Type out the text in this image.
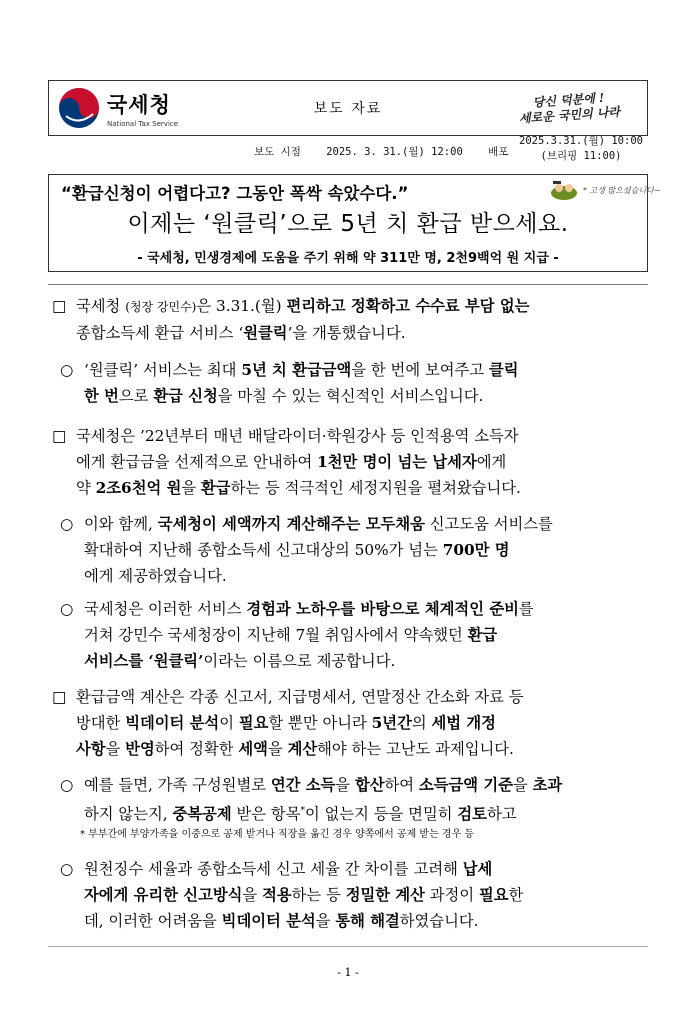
국세청
National Tax Service
보도 자료	당신 덕분에 !
세로운 국민의 나라
보도 시점 2025. 3. 31.(월) 12:00 배포
2025.3.31.(월) 10:00
(브리핑 11:00)
“환급신청이 어렵다고? 그동안 폭싹 속았수다.”	* 고생 많으셨습니다~
이제는 ‘원클릭’으로 5년 치 환급 받으세요.
- 국세청, 민생경제에 도움을 주기 위해 약 311만 명, 2천9백억 원 지급 -
□ 국세청 (청장 강민수)은 3.31.(월) 편리하고 정확하고 수수료 부담 없는
종합소득세 환급 서비스 ‘원클릭’을 개통했습니다.
○ ‘원클릭’ 서비스는 최대 5년 치 환급금액을 한 번에 보여주고 클릭
한 번으로 환급 신청을 마칠 수 있는 혁신적인 서비스입니다.
□ 국세청은 ’22년부터 매년 배달라이더·학원강사 등 인적용역 소득자
에게 환급금을 선제적으로 안내하여 1천만 명이 넘는 납세자에게
약 2조6천억 원을 환급하는 등 적극적인 세정지원을 펼쳐왔습니다.
○ 이와 함께, 국세청이 세액까지 계산해주는 모두채움 신고도움 서비스를
확대하여 지난해 종합소득세 신고대상의 50%가 넘는 700만 명
에게 제공하였습니다.
○ 국세청은 이러한 서비스 경험과 노하우를 바탕으로 체계적인 준비를
거쳐 강민수 국세청장이 지난해 7월 취임사에서 약속했던 환급
서비스를 ‘원클릭’이라는 이름으로 제공합니다.
□ 환급금액 계산은 각종 신고서, 지급명세서, 연말정산 간소화 자료 등
방대한 빅데이터 분석이 필요할 뿐만 아니라 5년간의 세법 개정
사항을 반영하여 정확한 세액을 계산해야 하는 고난도 과제입니다.
○ 예를 들면, 가족 구성원별로 연간 소득을 합산하여 소득금액 기준을 초과
하지 않는지, 중복공제 받은 항목*이 없는지 등을 면밀히 검토하고
* 부부간에 부양가족을 이중으로 공제 받거나 직장을 옮긴 경우 양쪽에서 공제 받는 경우 등
○ 원천징수 세율과 종합소득세 신고 세율 간 차이를 고려해 납세
자에게 유리한 신고방식을 적용하는 등 정밀한 계산 과정이 필요한
데, 이러한 어려움을 빅데이터 분석을 통해 해결하였습니다.
- 1 -
